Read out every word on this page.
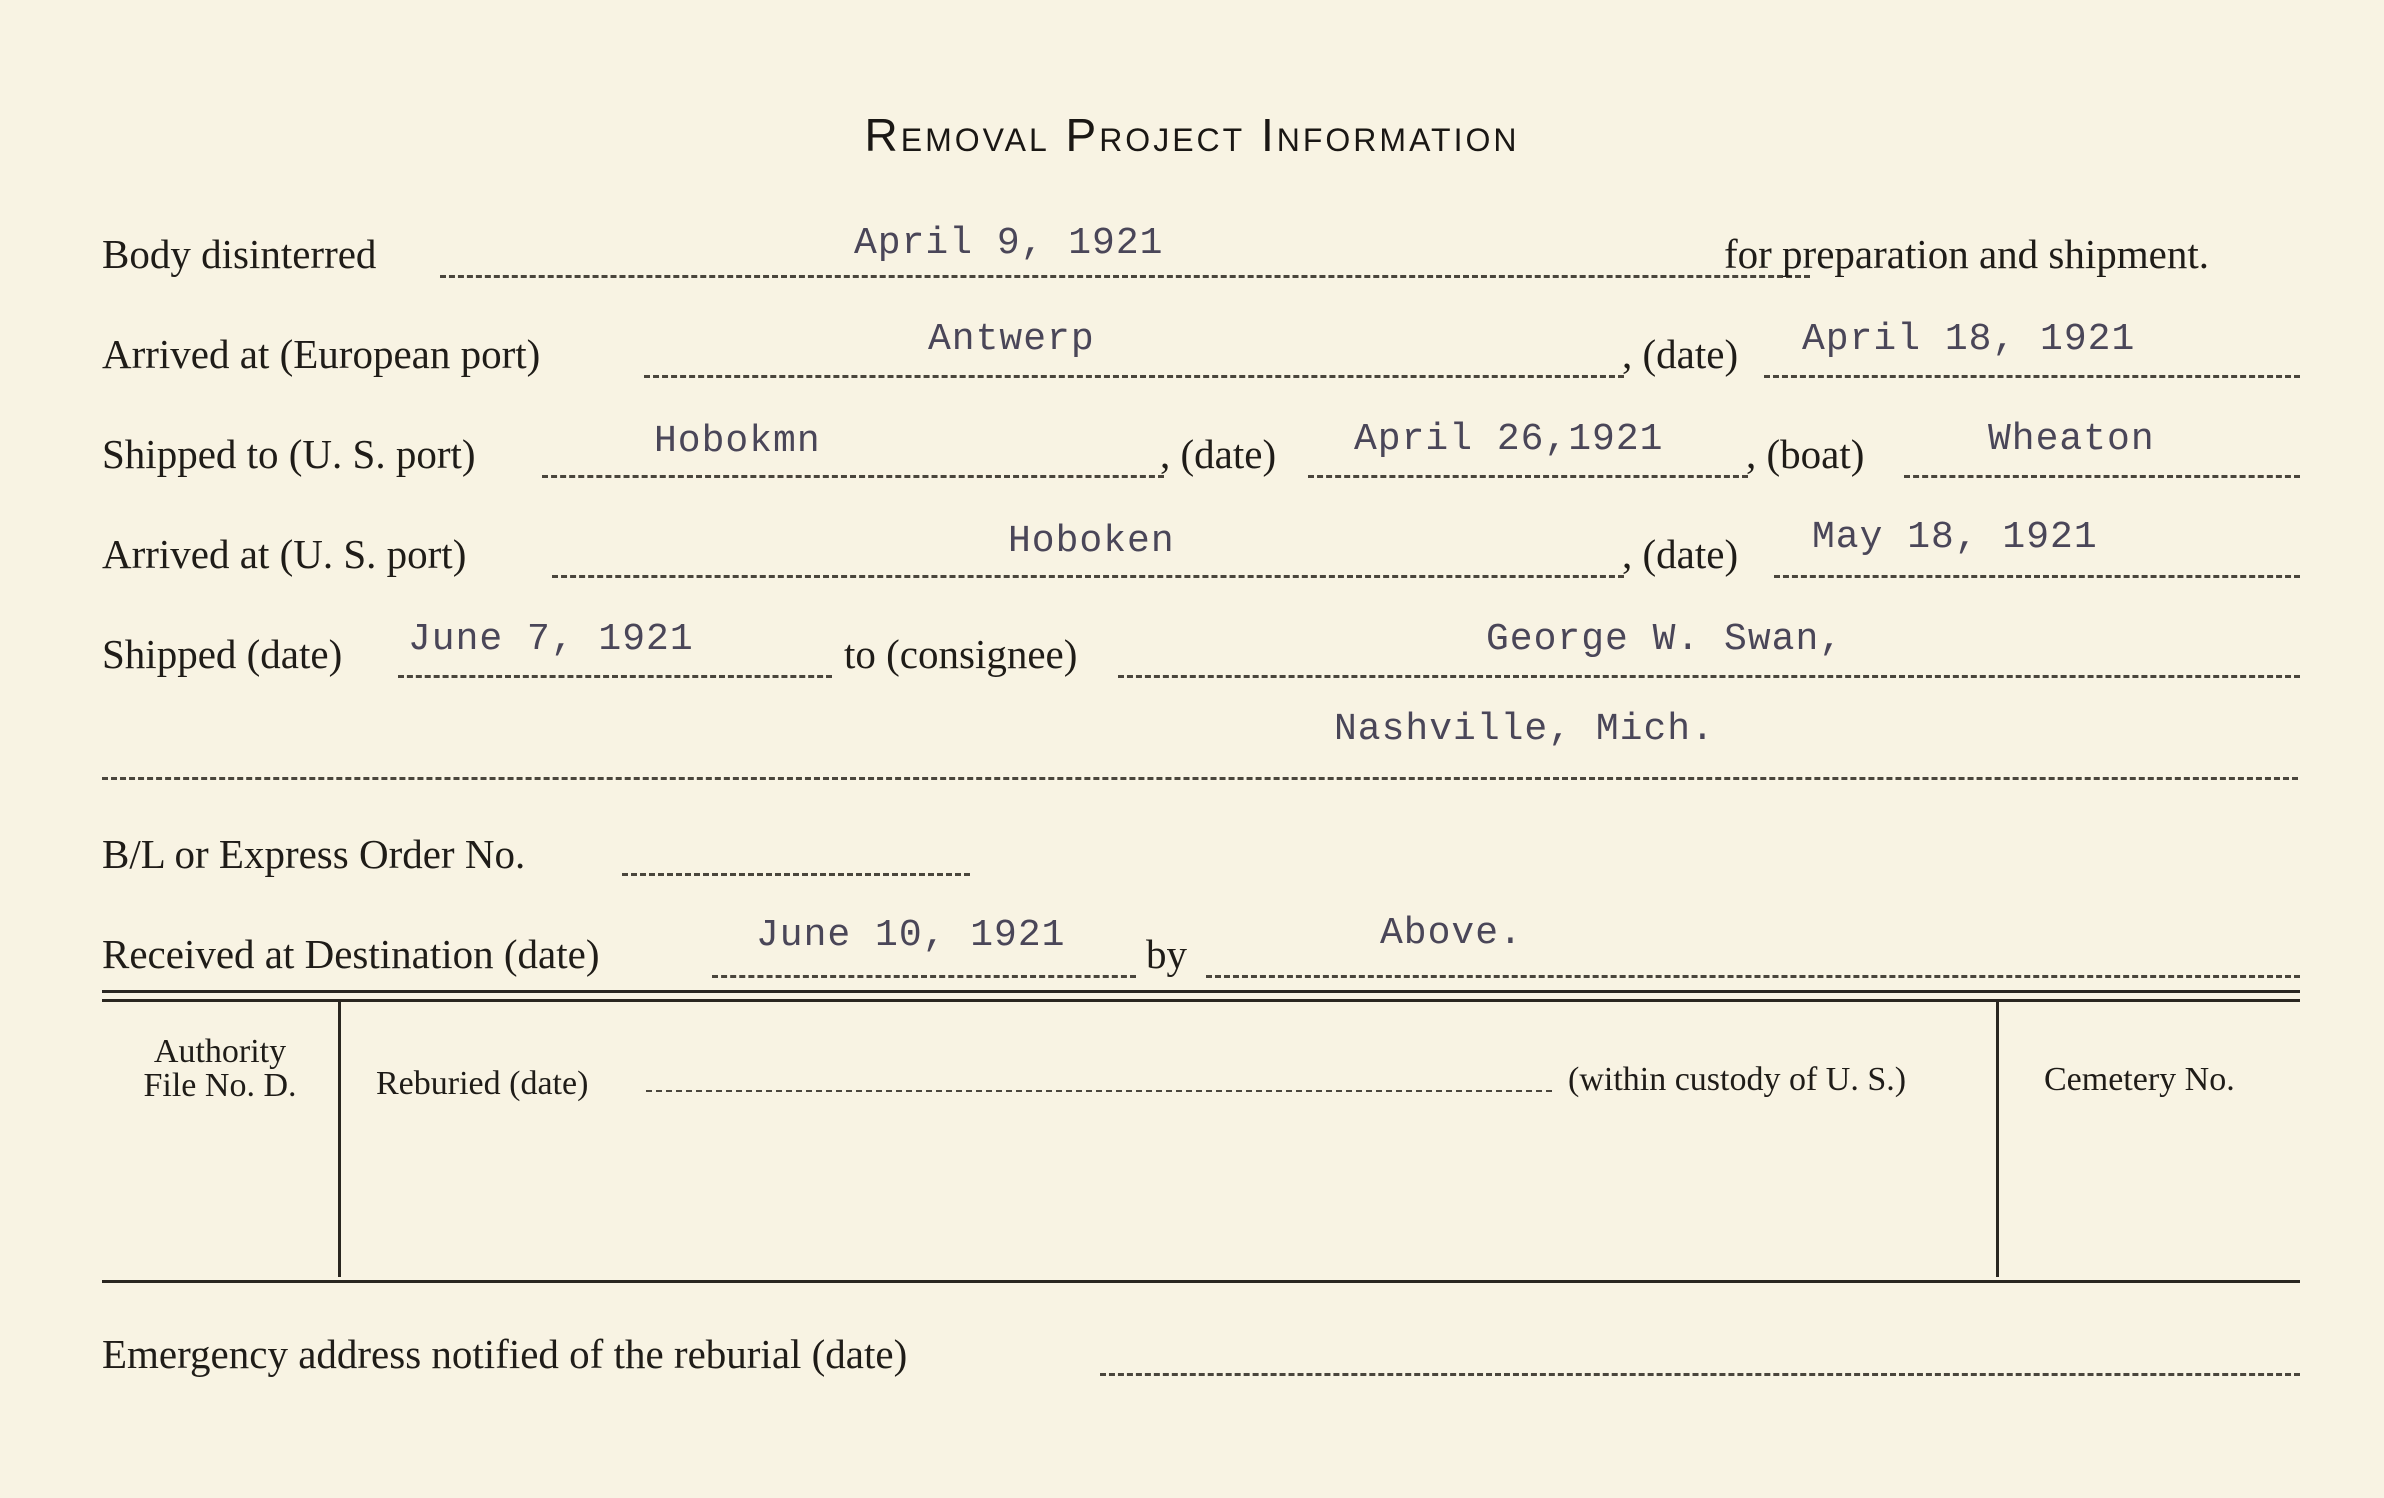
Removal Project Information
Body disinterred	April 9, 1921	for preparation and shipment.
Arrived at (European port)	Antwerp	, (date) April 18, 1921
Shipped to (U. S. port)	Hobokmn	, (date) April 26,1921 , (boat)	Wheaton
Arrived at (U. S. port)	Hoboken	, (date) May 18, 1921
Shipped (date) June 7, 1921	to (consignee)	George W. Swan,
Nashville, Mich.
B/L or Express Order No.
Received at Destination (date)	June 10, 1921 by	Above.
Authority
File No. D.	Reburied (date)	(within custody of U. S.)	Cemetery No.
Emergency address notified of the reburial (date)
